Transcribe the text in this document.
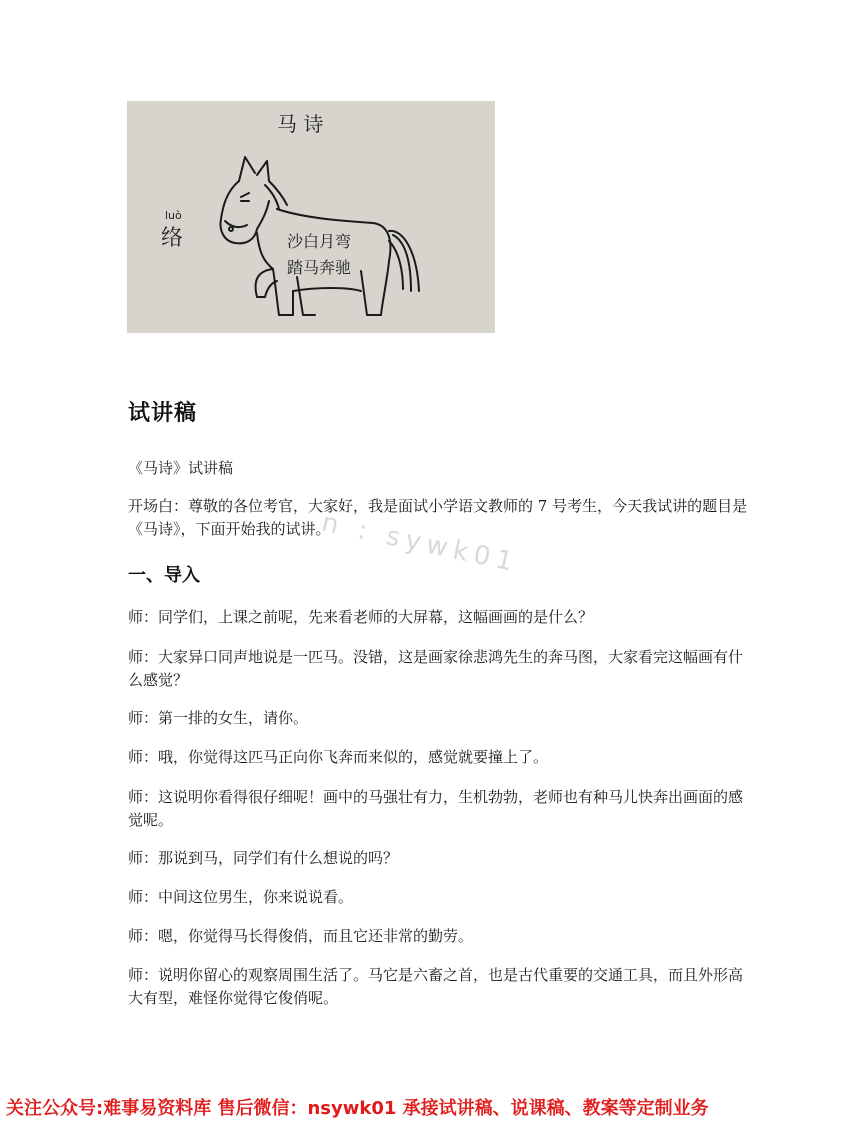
马 诗
luò
络	沙白月弯
踏马奔驰
试讲稿

《马诗》试讲稿

开场白：尊敬的各位考官，大家好，我是面试小学语文教师的 7 号考生，今天我试讲的题目是《马诗》，下面开始我的试讲。

n : sywk01
一、导入

师：同学们，上课之前呢，先来看老师的大屏幕，这幅画画的是什么？

师：大家异口同声地说是一匹马。没错，这是画家徐悲鸿先生的奔马图，大家看完这幅画有什么感觉？

师：第一排的女生，请你。

师：哦，你觉得这匹马正向你飞奔而来似的，感觉就要撞上了。

师：这说明你看得很仔细呢！画中的马强壮有力，生机勃勃，老师也有种马儿快奔出画面的感觉呢。

师：那说到马，同学们有什么想说的吗？

师：中间这位男生，你来说说看。

师：嗯，你觉得马长得俊俏，而且它还非常的勤劳。

师：说明你留心的观察周围生活了。马它是六畜之首，也是古代重要的交通工具，而且外形高大有型，难怪你觉得它俊俏呢。

关注公众号:难事易资料库 售后微信：nsywk01 承接试讲稿、说课稿、教案等定制业务
